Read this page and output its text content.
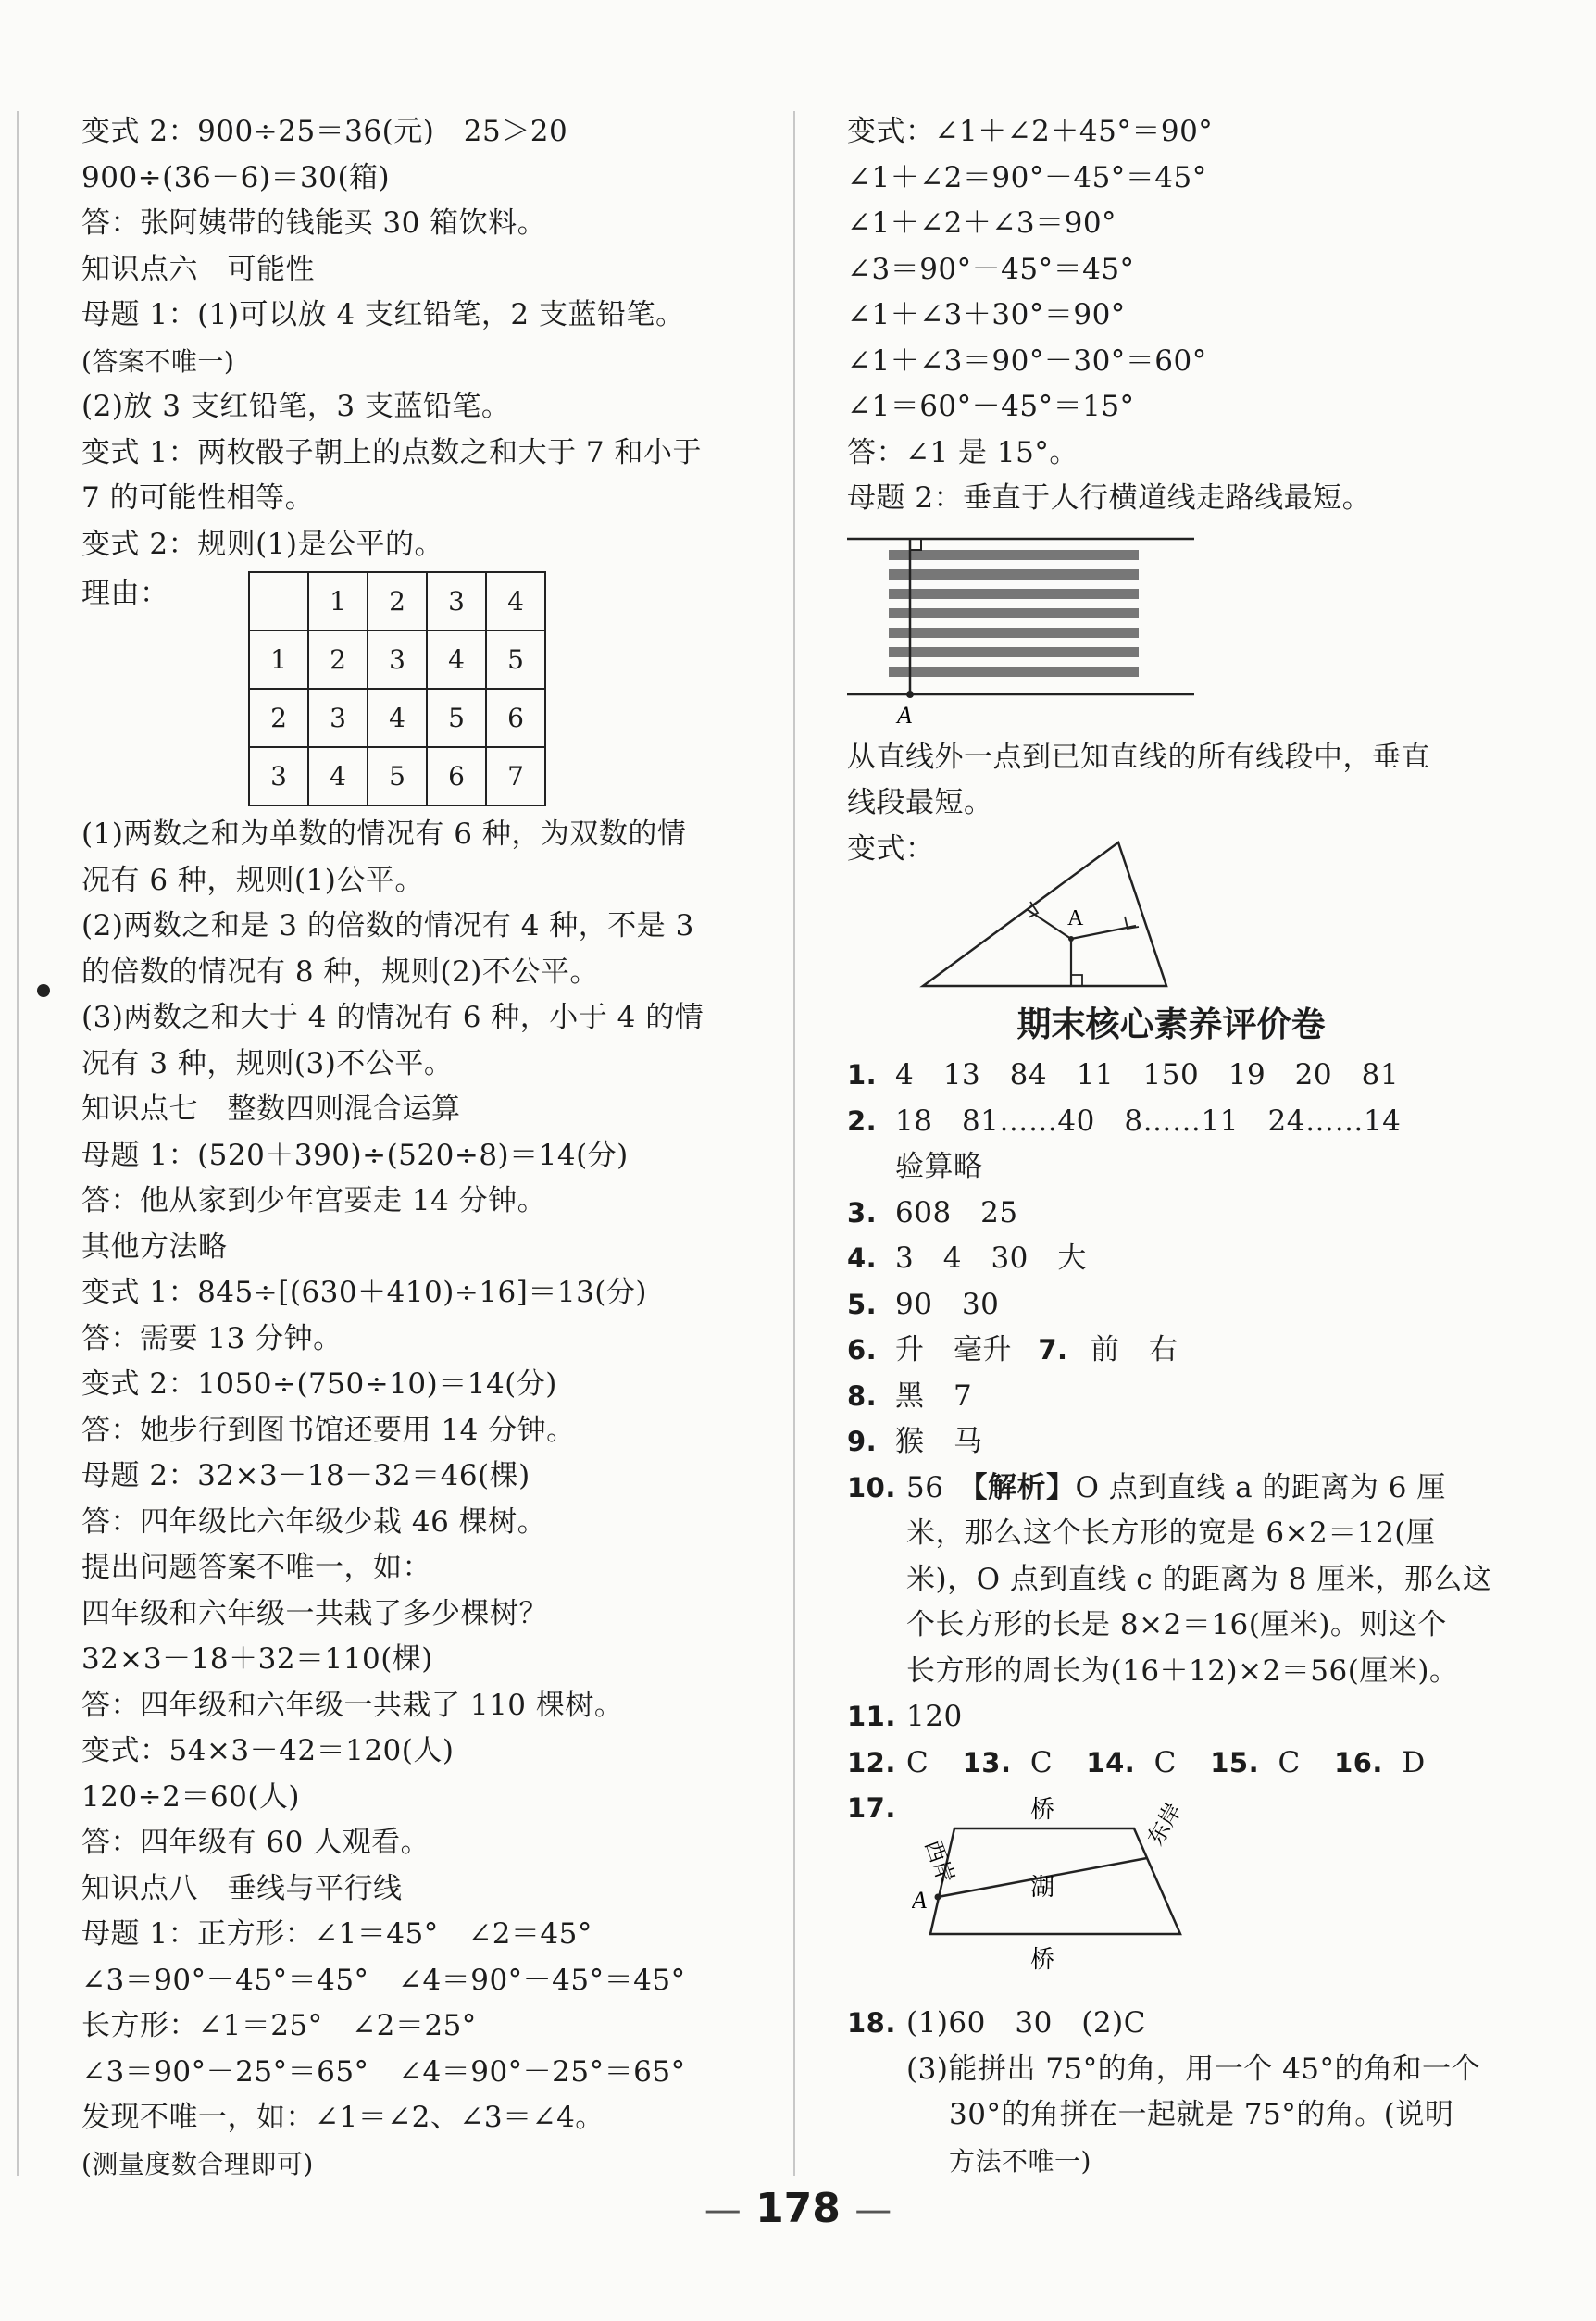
变式 2：900÷25＝36(元)　25＞20
900÷(36－6)＝30(箱)
答：张阿姨带的钱能买 30 箱饮料。
知识点六　可能性
母题 1：(1)可以放 4 支红铅笔，2 支蓝铅笔。
(答案不唯一)
(2)放 3 支红铅笔，3 支蓝铅笔。
变式 1：两枚骰子朝上的点数之和大于 7 和小于
7 的可能性相等。
变式 2：规则(1)是公平的。
理由：
		1	2	3	4
1	2	3	4	5
2	3	4	5	6
3	4	5	6	7
(1)两数之和为单数的情况有 6 种，为双数的情
况有 6 种，规则(1)公平。
(2)两数之和是 3 的倍数的情况有 4 种，不是 3
的倍数的情况有 8 种，规则(2)不公平。
(3)两数之和大于 4 的情况有 6 种，小于 4 的情
况有 3 种，规则(3)不公平。
知识点七　整数四则混合运算
母题 1：(520＋390)÷(520÷8)＝14(分)
答：他从家到少年宫要走 14 分钟。
其他方法略
变式 1：845÷[(630＋410)÷16]＝13(分)
答：需要 13 分钟。
变式 2：1050÷(750÷10)＝14(分)
答：她步行到图书馆还要用 14 分钟。
母题 2：32×3－18－32＝46(棵)
答：四年级比六年级少栽 46 棵树。
提出问题答案不唯一，如：
四年级和六年级一共栽了多少棵树？
32×3－18＋32＝110(棵)
答：四年级和六年级一共栽了 110 棵树。
变式：54×3－42＝120(人)
120÷2＝60(人)
答：四年级有 60 人观看。
知识点八　垂线与平行线
母题 1：正方形：∠1＝45°　∠2＝45°
∠3＝90°－45°＝45°　∠4＝90°－45°＝45°
长方形：∠1＝25°　∠2＝25°
∠3＝90°－25°＝65°　∠4＝90°－25°＝65°
发现不唯一，如：∠1＝∠2、∠3＝∠4。
(测量度数合理即可)
变式：∠1＋∠2＋45°＝90°
∠1＋∠2＝90°－45°＝45°
∠1＋∠2＋∠3＝90°
∠3＝90°－45°＝45°
∠1＋∠3＋30°＝90°
∠1＋∠3＝90°－30°＝60°
∠1＝60°－45°＝15°
答：∠1 是 15°。
母题 2：垂直于人行横道线走路线最短。
A
从直线外一点到已知直线的所有线段中，垂直
线段最短。
变式：
A
期末核心素养评价卷
1. 4　13　84　11　150　19　20　81
2. 18　81……40　8……11　24……14
验算略
3. 608　25
4. 3　4　30　大
5. 90　30
6. 升　毫升 7. 前　右
8. 黑　7
9. 猴　马
10. 56　【解析】O 点到直线 a 的距离为 6 厘
米，那么这个长方形的宽是 6×2＝12(厘
米)，O 点到直线 c 的距离为 8 厘米，那么这
个长方形的长是 8×2＝16(厘米)。则这个
长方形的周长为(16＋12)×2＝56(厘米)。
11. 120
12. C 13. C 14. C 15. C 16. D
17.	桥
桥
湖
西岸
东岸
A
18. (1)60　30　(2)C
(3)能拼出 75°的角，用一个 45°的角和一个
30°的角拼在一起就是 75°的角。(说明
方法不唯一)
— 178 —
